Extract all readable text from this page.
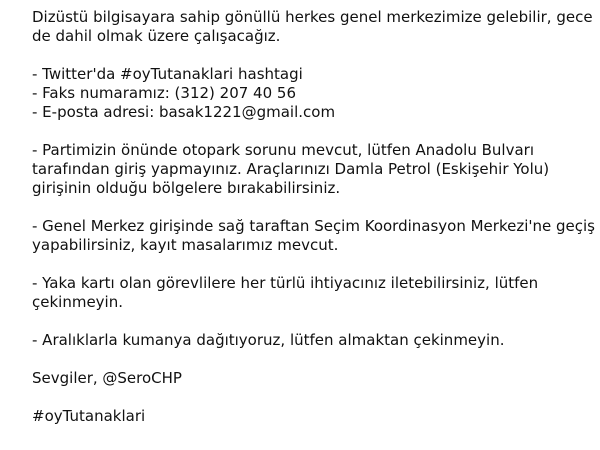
Dizüstü bilgisayara sahip gönüllü herkes genel merkezimize gelebilir, gece
de dahil olmak üzere çalışacağız.

- Twitter'da #oyTutanaklari hashtagi
- Faks numaramız: (312) 207 40 56
- E-posta adresi: basak1221@gmail.com

- Partimizin önünde otopark sorunu mevcut, lütfen Anadolu Bulvarı
tarafından giriş yapmayınız. Araçlarınızı Damla Petrol (Eskişehir Yolu)
girişinin olduğu bölgelere bırakabilirsiniz.

- Genel Merkez girişinde sağ taraftan Seçim Koordinasyon Merkezi'ne geçiş
yapabilirsiniz, kayıt masalarımız mevcut.

- Yaka kartı olan görevlilere her türlü ihtiyacınız iletebilirsiniz, lütfen
çekinmeyin.

- Aralıklarla kumanya dağıtıyoruz, lütfen almaktan çekinmeyin.

Sevgiler, @SeroCHP

#oyTutanaklari
